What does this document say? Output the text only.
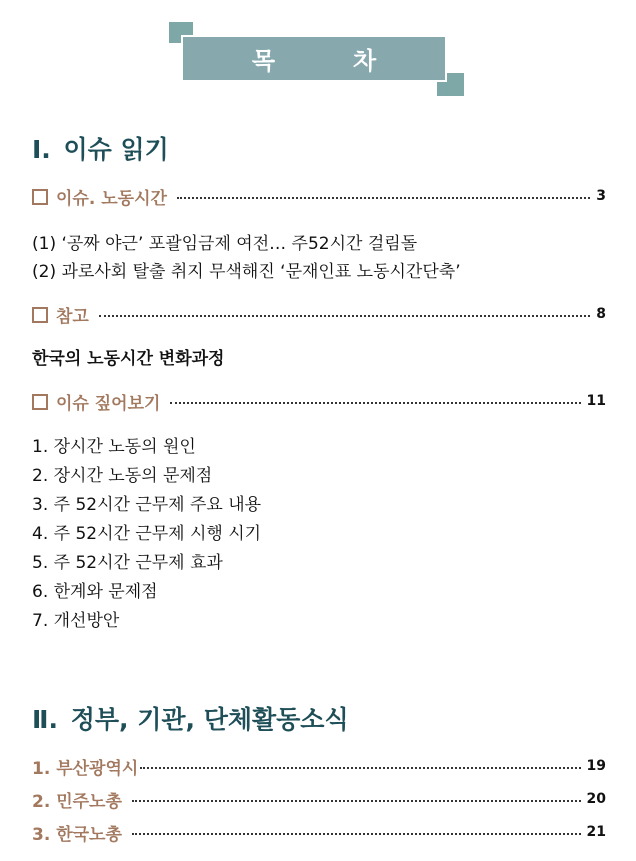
목	차
Ⅰ. 이슈 읽기
이슈. 노동시간	3
(1) ‘공짜 야근’ 포괄임금제 여전… 주52시간 걸림돌
(2) 과로사회 탈출 취지 무색해진 ‘문재인표 노동시간단축’
참고	8
한국의 노동시간 변화과정
이슈 짚어보기	11
1. 장시간 노동의 원인
2. 장시간 노동의 문제점
3. 주 52시간 근무제 주요 내용
4. 주 52시간 근무제 시행 시기
5. 주 52시간 근무제 효과
6. 한계와 문제점
7. 개선방안
Ⅱ. 정부, 기관, 단체활동소식
1. 부산광역시	19
2. 민주노총	20
3. 한국노총	21
